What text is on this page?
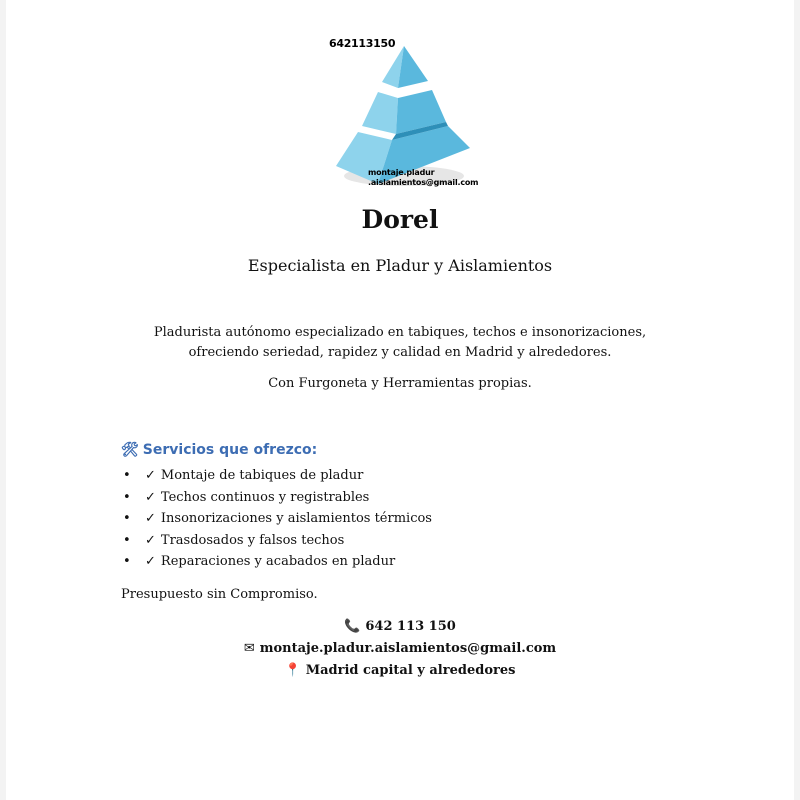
642113150
montaje.pladur
.aislamientos@gmail.com
Dorel
Especialista en Pladur y Aislamientos
Pladurista autónomo especializado en tabiques, techos e insonorizaciones, ofreciendo seriedad, rapidez y calidad en Madrid y alrededores.
Con Furgoneta y Herramientas propias.
🛠 Servicios que ofrezco:
• ✓ Montaje de tabiques de pladur
• ✓ Techos continuos y registrables
• ✓ Insonorizaciones y aislamientos térmicos
• ✓ Trasdosados y falsos techos
• ✓ Reparaciones y acabados en pladur
Presupuesto sin Compromiso.
📞 642 113 150
✉ montaje.pladur.aislamientos@gmail.com
📍 Madrid capital y alrededores
